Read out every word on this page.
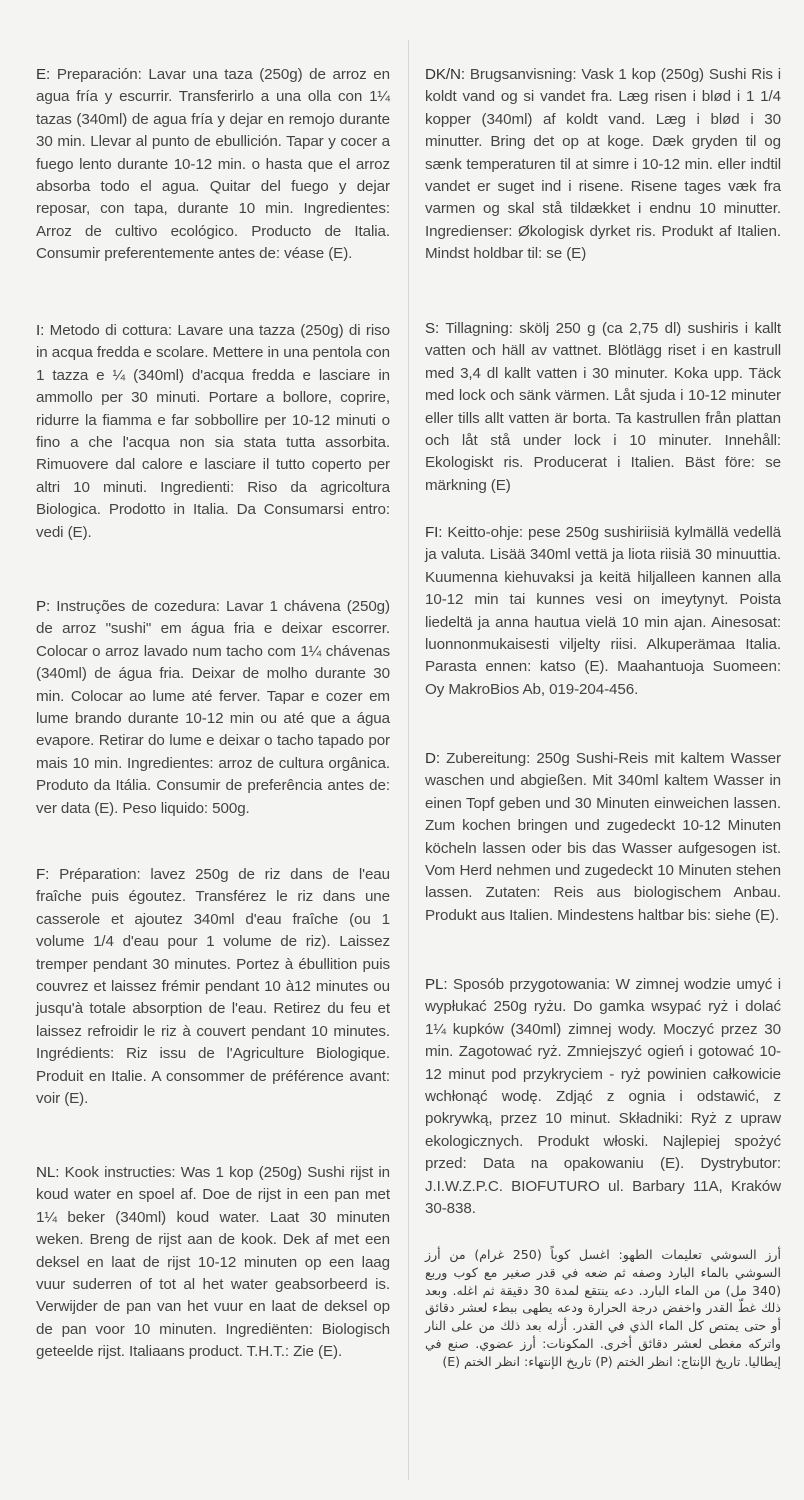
E: Preparación: Lavar una taza (250g) de arroz en agua fría y escurrir. Transferirlo a una olla con 1¼ tazas (340ml) de agua fría y dejar en remojo durante 30 min. Llevar al punto de ebullición. Tapar y cocer a fuego lento durante 10-12 min. o hasta que el arroz absorba todo el agua. Quitar del fuego y dejar reposar, con tapa, durante 10 min. Ingredientes: Arroz de cultivo ecológico. Producto de Italia. Consumir preferentemente antes de: véase (E).

I: Metodo di cottura: Lavare una tazza (250g) di riso in acqua fredda e scolare. Mettere in una pentola con 1 tazza e ¼ (340ml) d'acqua fredda e lasciare in ammollo per 30 minuti. Portare a bollore, coprire, ridurre la fiamma e far sobbollire per 10-12 minuti o fino a che l'acqua non sia stata tutta assorbita. Rimuovere dal calore e lasciare il tutto coperto per altri 10 minuti. Ingredienti: Riso da agricoltura Biologica. Prodotto in Italia. Da Consumarsi entro: vedi (E).

P: Instruções de cozedura: Lavar 1 chávena (250g) de arroz "sushi" em água fria e deixar escorrer. Colocar o arroz lavado num tacho com 1¼ chávenas (340ml) de água fria. Deixar de molho durante 30 min. Colocar ao lume até ferver. Tapar e cozer em lume brando durante 10-12 min ou até que a água evapore. Retirar do lume e deixar o tacho tapado por mais 10 min. Ingredientes: arroz de cultura orgânica. Produto da Itália. Consumir de preferência antes de: ver data (E). Peso liquido: 500g.

F: Préparation: lavez 250g de riz dans de l'eau fraîche puis égoutez. Transférez le riz dans une casserole et ajoutez 340ml d'eau fraîche (ou 1 volume 1/4 d'eau pour 1 volume de riz). Laissez tremper pendant 30 minutes. Portez à ébullition puis couvrez et laissez frémir pendant 10 à12 minutes ou jusqu'à totale absorption de l'eau. Retirez du feu et laissez refroidir le riz à couvert pendant 10 minutes. Ingrédients: Riz issu de l'Agriculture Biologique. Produit en Italie. A consommer de préférence avant: voir (E).

NL: Kook instructies: Was 1 kop (250g) Sushi rijst in koud water en spoel af. Doe de rijst in een pan met 1¼ beker (340ml) koud water. Laat 30 minuten weken. Breng de rijst aan de kook. Dek af met een deksel en laat de rijst 10-12 minuten op een laag vuur suderren of tot al het water geabsorbeerd is. Verwijder de pan van het vuur en laat de deksel op de pan voor 10 minuten. Ingrediënten: Biologisch geteelde rijst. Italiaans product. T.H.T.: Zie (E).

DK/N: Brugsanvisning: Vask 1 kop (250g) Sushi Ris i koldt vand og si vandet fra. Læg risen i blød i 1 1/4 kopper (340ml) af koldt vand. Læg i blød i 30 minutter. Bring det op at koge. Dæk gryden til og sænk temperaturen til at simre i 10-12 min. eller indtil vandet er suget ind i risene. Risene tages væk fra varmen og skal stå tildækket i endnu 10 minutter. Ingredienser: Økologisk dyrket ris. Produkt af Italien. Mindst holdbar til: se (E)

S: Tillagning: skölj 250 g (ca 2,75 dl) sushiris i kallt vatten och häll av vattnet. Blötlägg riset i en kastrull med 3,4 dl kallt vatten i 30 minuter. Koka upp. Täck med lock och sänk värmen. Låt sjuda i 10-12 minuter eller tills allt vatten är borta. Ta kastrullen från plattan och låt stå under lock i 10 minuter. Innehåll: Ekologiskt ris. Producerat i Italien. Bäst före: se märkning (E)

FI: Keitto-ohje: pese 250g sushiriisiä kylmällä vedellä ja valuta. Lisää 340ml vettä ja liota riisiä 30 minuuttia. Kuumenna kiehuvaksi ja keitä hiljalleen kannen alla 10-12 min tai kunnes vesi on imeytynyt. Poista liedeltä ja anna hautua vielä 10 min ajan. Ainesosat: luonnonmukaisesti viljelty riisi. Alkuperämaa Italia. Parasta ennen: katso (E). Maahantuoja Suomeen: Oy MakroBios Ab, 019-204-456.

D: Zubereitung: 250g Sushi-Reis mit kaltem Wasser waschen und abgießen. Mit 340ml kaltem Wasser in einen Topf geben und 30 Minuten einweichen lassen. Zum kochen bringen und zugedeckt 10-12 Minuten köcheln lassen oder bis das Wasser aufgesogen ist. Vom Herd nehmen und zugedeckt 10 Minuten stehen lassen. Zutaten: Reis aus biologischem Anbau. Produkt aus Italien. Mindestens haltbar bis: siehe (E).

PL: Sposób przygotowania: W zimnej wodzie umyć i wypłukać 250g ryżu. Do gamka wsypać ryż i dolać 1¼ kupków (340ml) zimnej wody. Moczyć przez 30 min. Zagotować ryż. Zmniejszyć ogień i gotować 10-12 minut pod przykryciem - ryż powinien całkowicie wchłonąć wodę. Zdjąć z ognia i odstawić, z pokrywką, przez 10 minut. Składniki: Ryż z upraw ekologicznych. Produkt włoski. Najlepiej spożyć przed: Data na opakowaniu (E). Dystrybutor: J.I.W.Z.P.C. BIOFUTURO ul. Barbary 11A, Kraków 30-838.

أرز السوشي تعليمات الطهو: اغسل كوباً (250 غرام) من أرز السوشي بالماء البارد وصفه ثم ضعه في قدر صغير مع كوب وربع (340 مل) من الماء البارد. دعه ينتقع لمدة 30 دقيقة ثم اغله. وبعد ذلك غطّ القدر واخفض درجة الحرارة ودعه يطهى ببطء لعشر دقائق أو حتى يمتص كل الماء الذي في القدر. أزله بعد ذلك من على النار واتركه مغطى لعشر دقائق أخرى. المكونات: أرز عضوي. صنع في إيطاليا. تاريخ الإنتاج: انظر الختم (P) تاريخ الإنتهاء: انظر الختم (E)
